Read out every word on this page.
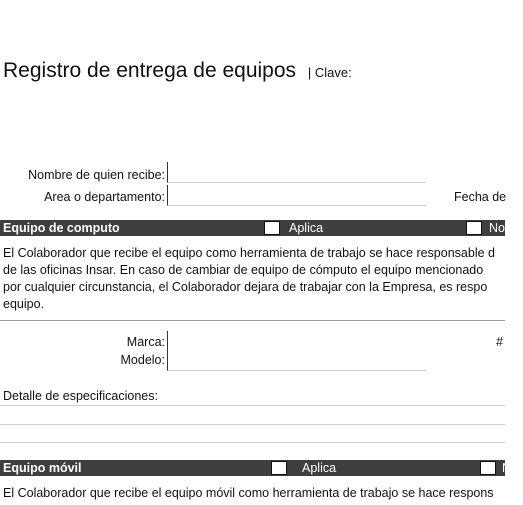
Registro de entrega de equipos | Clave:
Nombre de quien recibe:
Area o departamento:	Fecha de
Equipo de computo	Aplica	No
El Colaborador que recibe el equipo como herramienta de trabajo se hace responsable d
de las oficinas Insar. En caso de cambiar de equipo de cómputo el equipo mencionado
por cualquier circunstancia, el Colaborador dejara de trabajar con la Empresa, es respo
equipo.
Marca:	#
Modelo:
Detalle de especificaciones:
Equipo móvil	Aplica	N
El Colaborador que recibe el equipo móvil como herramienta de trabajo se hace respons
